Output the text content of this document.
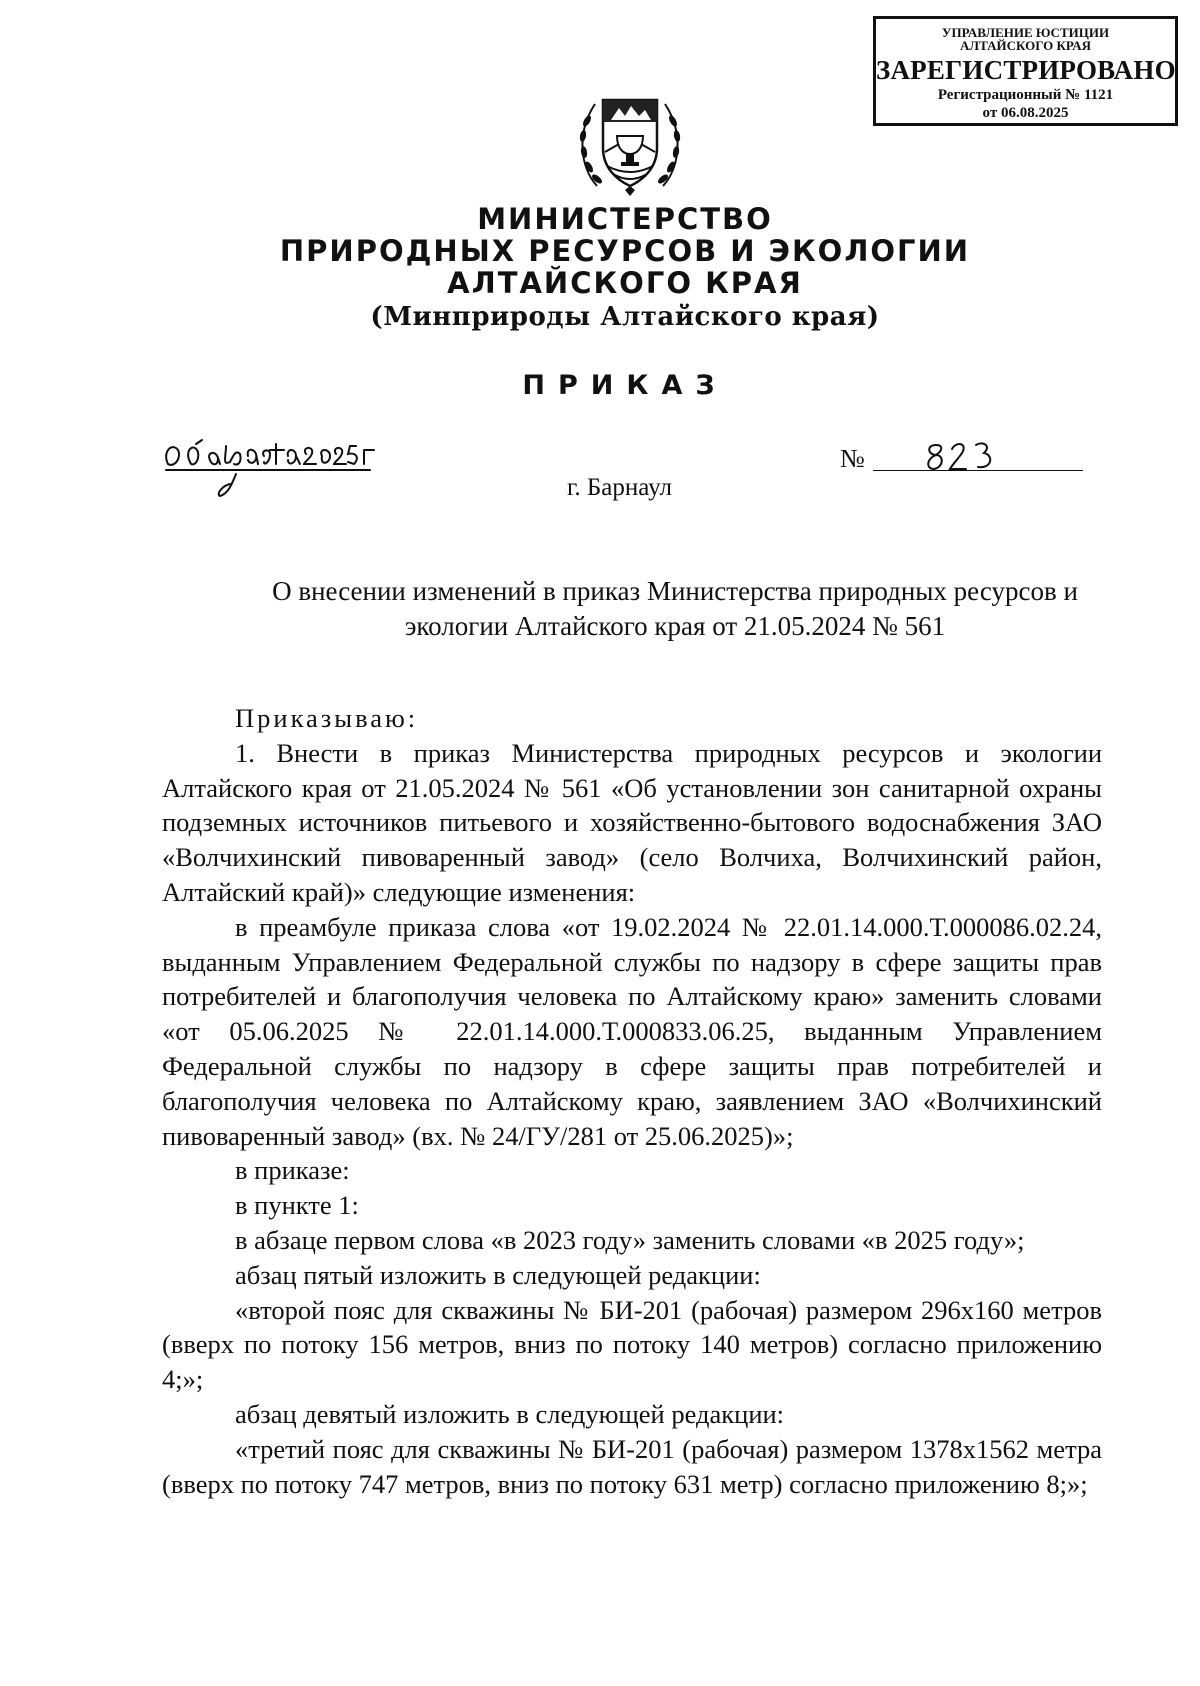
УПРАВЛЕНИЕ ЮСТИЦИИ
АЛТАЙСКОГО КРАЯ
ЗАРЕГИСТРИРОВАНО
Регистрационный № 1121
от 06.08.2025
МИНИСТЕРСТВО
ПРИРОДНЫХ РЕСУРСОВ И ЭКОЛОГИИ
АЛТАЙСКОГО КРАЯ
(Минприроды Алтайского края)
ПРИКАЗ
г. Барнаул
№
О внесении изменений в приказ Министерства природных ресурсов и
экологии Алтайского края от 21.05.2024 № 561

Приказываю:

1. Внести в приказ Министерства природных ресурсов и экологии Алтайского края от 21.05.2024 № 561 «Об установлении зон санитарной охраны подземных источников питьевого и хозяйственно-бытового водоснабжения ЗАО «Волчихинский пивоваренный завод» (село Волчиха, Волчихинский район, Алтайский край)» следующие изменения:

в преамбуле приказа слова «от 19.02.2024 № 22.01.14.000.Т.000086.02.24, выданным Управлением Федеральной службы по надзору в сфере защиты прав потребителей и благополучия человека по Алтайскому краю» заменить словами «от 05.06.2025 № 22.01.14.000.Т.000833.06.25, выданным Управлением Федеральной службы по надзору в сфере защиты прав потребителей и благополучия человека по Алтайскому краю, заявлением ЗАО «Волчихинский пивоваренный завод» (вх. № 24/ГУ/281 от 25.06.2025)»;

в приказе:

в пункте 1:

в абзаце первом слова «в 2023 году» заменить словами «в 2025 году»;

абзац пятый изложить в следующей редакции:

«второй пояс для скважины № БИ-201 (рабочая) размером 296х160 метров (вверх по потоку 156 метров, вниз по потоку 140 метров) согласно приложению 4;»;

абзац девятый изложить в следующей редакции:

«третий пояс для скважины № БИ-201 (рабочая) размером 1378х1562 метра (вверх по потоку 747 метров, вниз по потоку 631 метр) согласно приложению 8;»;
